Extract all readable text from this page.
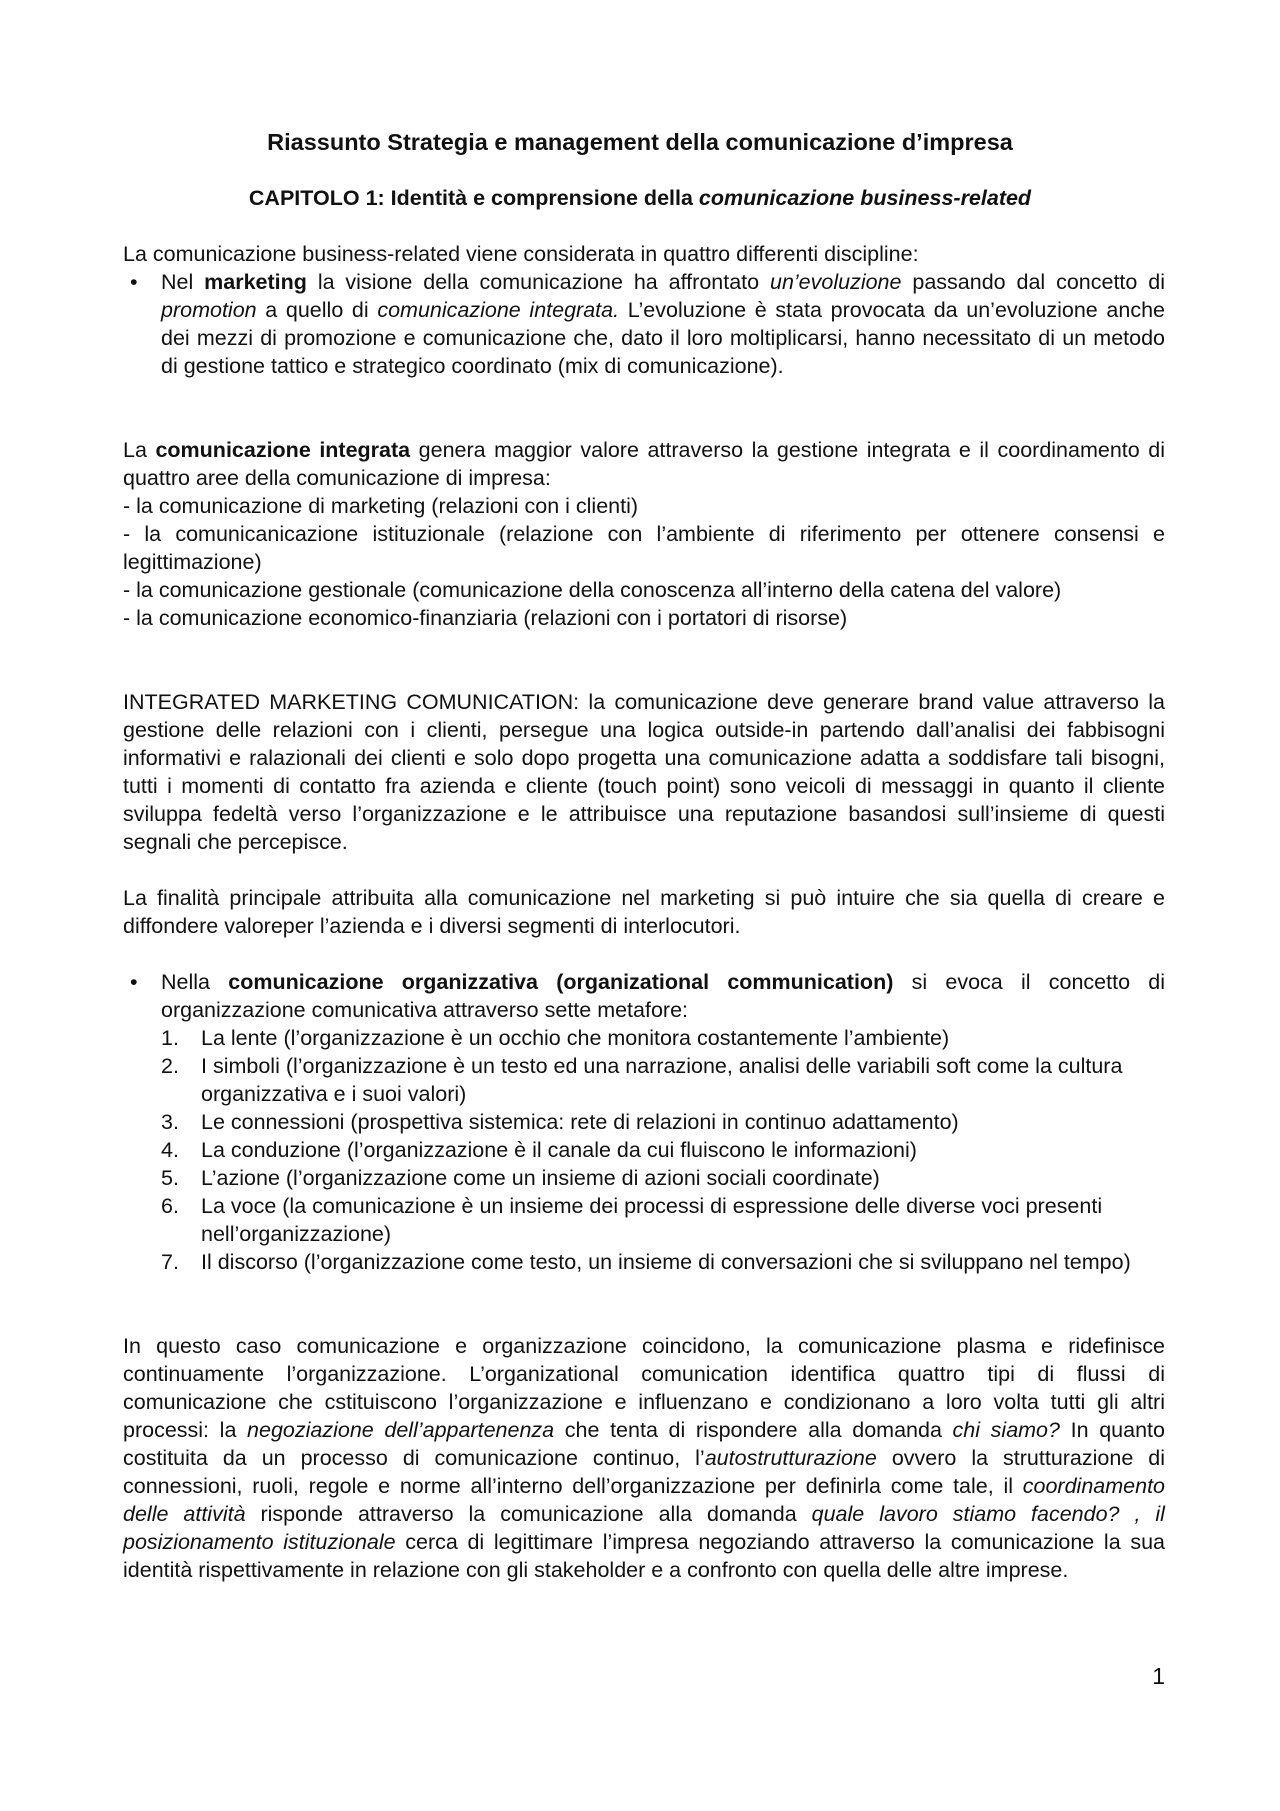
Riassunto Strategia e management della comunicazione d’impresa

CAPITOLO 1: Identità e comprensione della comunicazione business-related

La comunicazione business-related viene considerata in quattro differenti discipline:

• Nel marketing la visione della comunicazione ha affrontato un’evoluzione passando dal concetto di promotion a quello di comunicazione integrata. L’evoluzione è stata provocata da un’evoluzione anche dei mezzi di promozione e comunicazione che, dato il loro moltiplicarsi, hanno necessitato di un metodo di gestione tattico e strategico coordinato (mix di comunicazione).

La comunicazione integrata genera maggior valore attraverso la gestione integrata e il coordinamento di quattro aree della comunicazione di impresa:

- la comunicazione di marketing (relazioni con i clienti)
- la comunicanicazione istituzionale (relazione con l’ambiente di riferimento per ottenere consensi e legittimazione)
- la comunicazione gestionale (comunicazione della conoscenza all’interno della catena del valore)
- la comunicazione economico-finanziaria (relazioni con i portatori di risorse)

INTEGRATED MARKETING COMUNICATION: la comunicazione deve generare brand value attraverso la gestione delle relazioni con i clienti, persegue una logica outside-in partendo dall’analisi dei fabbisogni informativi e ralazionali dei clienti e solo dopo progetta una comunicazione adatta a soddisfare tali bisogni, tutti i momenti di contatto fra azienda e cliente (touch point) sono veicoli di messaggi in quanto il cliente sviluppa fedeltà verso l’organizzazione e le attribuisce una reputazione basandosi sull’insieme di questi segnali che percepisce.

La finalità principale attribuita alla comunicazione nel marketing si può intuire che sia quella di creare e diffondere valoreper l’azienda e i diversi segmenti di interlocutori.

• Nella comunicazione organizzativa (organizational communication) si evoca il concetto di organizzazione comunicativa attraverso sette metafore:

1. La lente (l’organizzazione è un occhio che monitora costantemente l’ambiente)
2. I simboli (l’organizzazione è un testo ed una narrazione, analisi delle variabili soft come la cultura organizzativa e i suoi valori)
3. Le connessioni (prospettiva sistemica: rete di relazioni in continuo adattamento)
4. La conduzione (l’organizzazione è il canale da cui fluiscono le informazioni)
5. L’azione (l’organizzazione come un insieme di azioni sociali coordinate)
6. La voce (la comunicazione è un insieme dei processi di espressione delle diverse voci presenti nell’organizzazione)
7. Il discorso (l’organizzazione come testo, un insieme di conversazioni che si sviluppano nel tempo)

In questo caso comunicazione e organizzazione coincidono, la comunicazione plasma e ridefinisce continuamente l’organizzazione. L’organizational comunication identifica quattro tipi di flussi di comunicazione che cstituiscono l’organizzazione e influenzano e condizionano a loro volta tutti gli altri processi: la negoziazione dell’appartenenza che tenta di rispondere alla domanda chi siamo? In quanto costituita da un processo di comunicazione continuo, l’autostrutturazione ovvero la strutturazione di connessioni, ruoli, regole e norme all’interno dell’organizzazione per definirla come tale, il coordinamento delle attività risponde attraverso la comunicazione alla domanda quale lavoro stiamo facendo? , il posizionamento istituzionale cerca di legittimare l’impresa negoziando attraverso la comunicazione la sua identità rispettivamente in relazione con gli stakeholder e a confronto con quella delle altre imprese.

1
